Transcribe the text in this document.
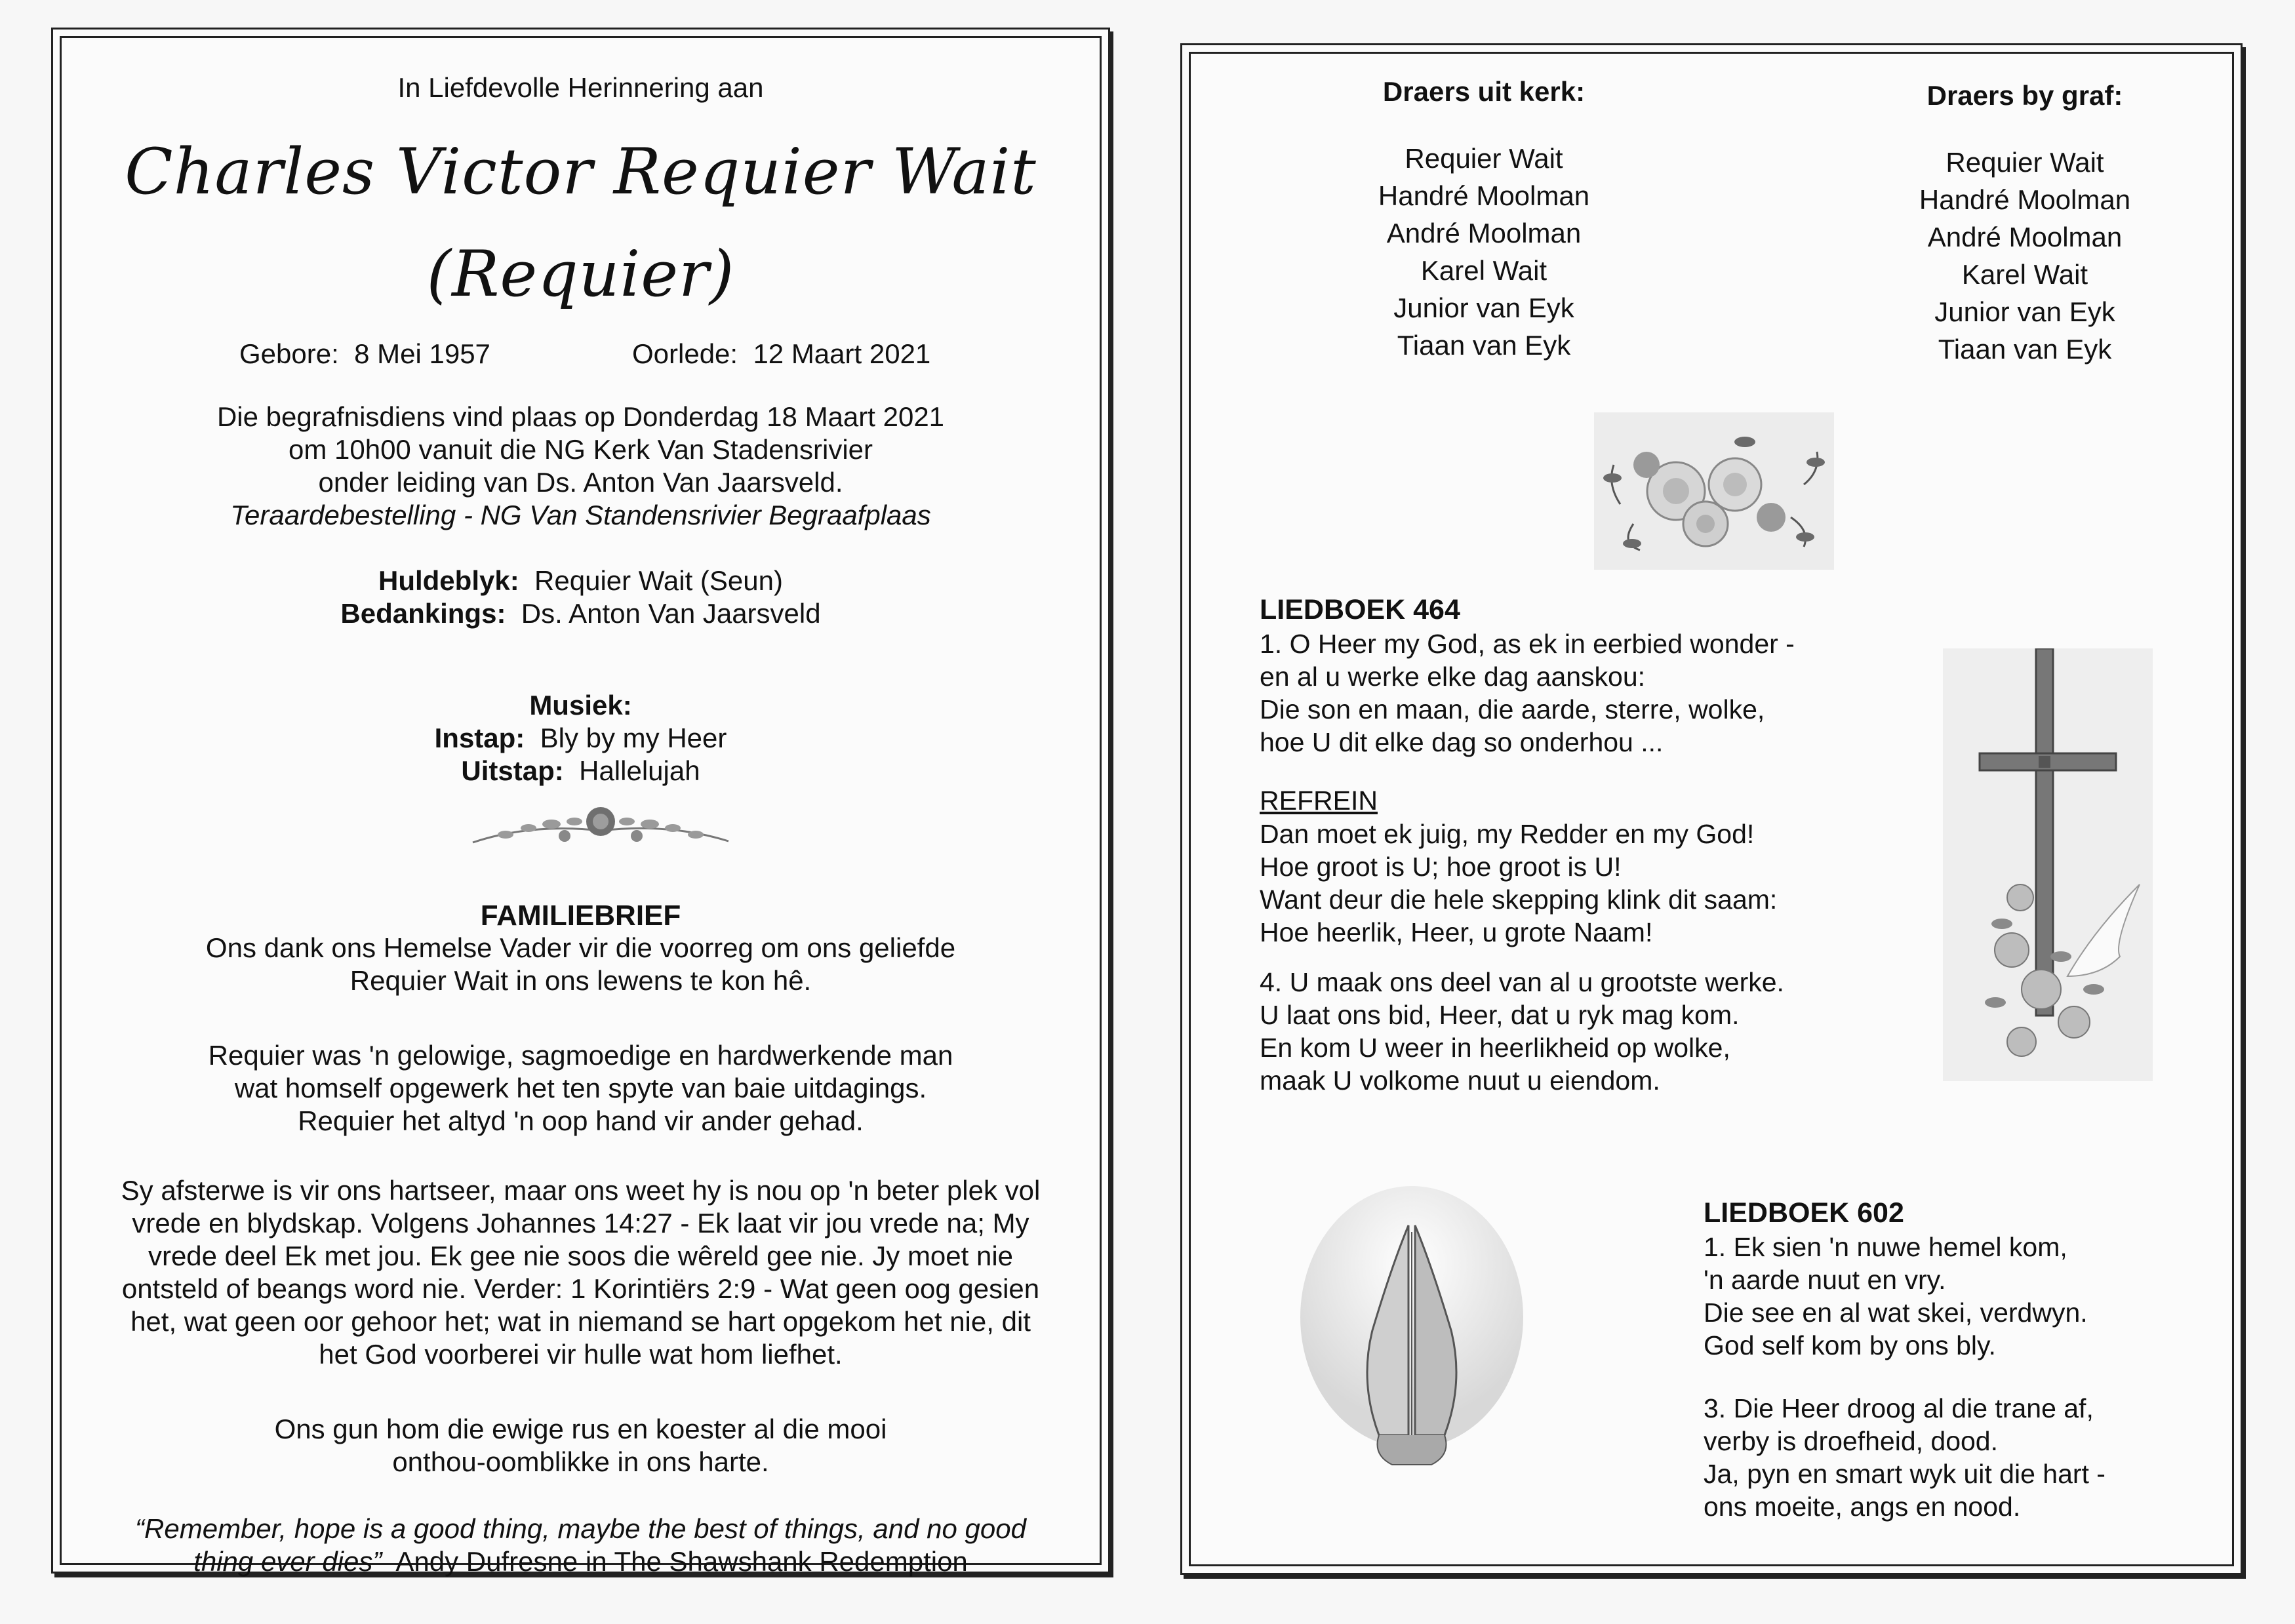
In Liefdevolle Herinnering aan
Charles Victor Requier Wait
(Requier)
Gebore: 8 Mei 1957	Oorlede: 12 Maart 2021
Die begrafnisdiens vind plaas op Donderdag 18 Maart 2021
om 10h00 vanuit die NG Kerk Van Stadensrivier
onder leiding van Ds. Anton Van Jaarsveld.
Teraardebestelling - NG Van Standensrivier Begraafplaas
Huldeblyk: Requier Wait (Seun)
Bedankings: Ds. Anton Van Jaarsveld
Musiek:
Instap: Bly by my Heer
Uitstap: Hallelujah
FAMILIEBRIEF
Ons dank ons Hemelse Vader vir die voorreg om ons geliefde
Requier Wait in ons lewens te kon hê.
Requier was 'n gelowige, sagmoedige en hardwerkende man
wat homself opgewerk het ten spyte van baie uitdagings.
Requier het altyd 'n oop hand vir ander gehad.
Sy afsterwe is vir ons hartseer, maar ons weet hy is nou op 'n beter plek vol
vrede en blydskap. Volgens Johannes 14:27 - Ek laat vir jou vrede na; My
vrede deel Ek met jou. Ek gee nie soos die wêreld gee nie. Jy moet nie
ontsteld of beangs word nie. Verder: 1 Korintiërs 2:9 - Wat geen oog gesien
het, wat geen oor gehoor het; wat in niemand se hart opgekom het nie, dit
het God voorberei vir hulle wat hom liefhet.
Ons gun hom die ewige rus en koester al die mooi
onthou-oomblikke in ons harte.
“Remember, hope is a good thing, maybe the best of things, and no good
thing ever dies” Andy Dufresne in The Shawshank Redemption
Draers uit kerk:
Requier Wait
Handré Moolman
André Moolman
Karel Wait
Junior van Eyk
Tiaan van Eyk
Draers by graf:
Requier Wait
Handré Moolman
André Moolman
Karel Wait
Junior van Eyk
Tiaan van Eyk
LIEDBOEK 464
1. O Heer my God, as ek in eerbied wonder -
en al u werke elke dag aanskou:
Die son en maan, die aarde, sterre, wolke,
hoe U dit elke dag so onderhou ...
REFREIN
Dan moet ek juig, my Redder en my God!
Hoe groot is U; hoe groot is U!
Want deur die hele skepping klink dit saam:
Hoe heerlik, Heer, u grote Naam!
4. U maak ons deel van al u grootste werke.
U laat ons bid, Heer, dat u ryk mag kom.
En kom U weer in heerlikheid op wolke,
maak U volkome nuut u eiendom.
LIEDBOEK 602
1. Ek sien 'n nuwe hemel kom,
'n aarde nuut en vry.
Die see en al wat skei, verdwyn.
God self kom by ons bly.
3. Die Heer droog al die trane af,
verby is droefheid, dood.
Ja, pyn en smart wyk uit die hart -
ons moeite, angs en nood.
